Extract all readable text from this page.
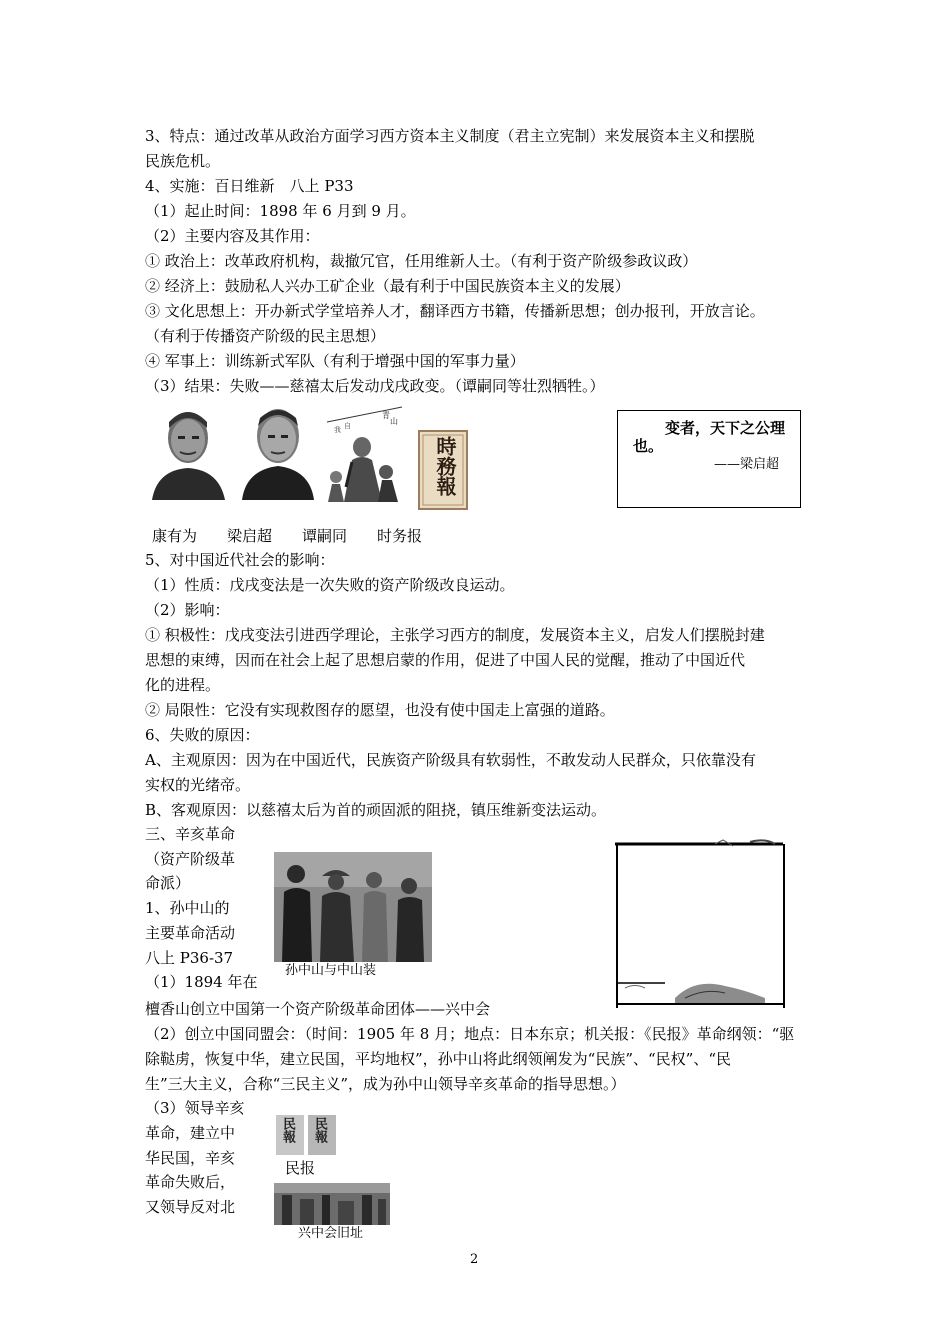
3、特点：通过改革从政治方面学习西方资本主义制度（君主立宪制）来发展资本主义和摆脱
民族危机。
4、实施：百日维新　八上 P33
（1）起止时间：1898 年 6 月到 9 月。
（2）主要内容及其作用：
① 政治上：改革政府机构，裁撤冗官，任用维新人士。（有利于资产阶级参政议政）
② 经济上：鼓励私人兴办工矿企业（最有利于中国民族资本主义的发展）
③ 文化思想上：开办新式学堂培养人才，翻译西方书籍，传播新思想；创办报刊，开放言论。
（有利于传播资产阶级的民主思想）
④ 军事上：训练新式军队（有利于增强中国的军事力量）
（3）结果：失败——慈禧太后发动戊戌政变。（谭嗣同等壮烈牺牲。）
青
山
我 自
時務報
变者，天下之公理
也。
——梁启超
康有为　　梁启超　　谭嗣同　　时务报
5、对中国近代社会的影响：
（1）性质：戊戌变法是一次失败的资产阶级改良运动。
（2）影响：
① 积极性：戊戌变法引进西学理论，主张学习西方的制度，发展资本主义，启发人们摆脱封建
思想的束缚，因而在社会上起了思想启蒙的作用，促进了中国人民的觉醒，推动了中国近代
化的进程。
② 局限性：它没有实现救图存的愿望，也没有使中国走上富强的道路。
6、失败的原因：
A、主观原因：因为在中国近代，民族资产阶级具有软弱性，不敢发动人民群众，只依靠没有
实权的光绪帝。
B、客观原因：以慈禧太后为首的顽固派的阻挠，镇压维新变法运动。
三、辛亥革命
（资产阶级革
命派）
1、孙中山的
主要革命活动
八上 P36-37
（1）1894 年在
孙中山与中山装
檀香山创立中国第一个资产阶级革命团体——兴中会
（2）创立中国同盟会：（时间：1905 年 8 月；地点：日本东京；机关报：《民报》革命纲领：“驱
除鞑虏，恢复中华，建立民国，平均地权”，孙中山将此纲领阐发为“民族”、“民权”、“民
生”三大主义，合称“三民主义”，成为孙中山领导辛亥革命的指导思想。）
（3）领导辛亥
革命，建立中
华民国，辛亥
革命失败后，
又领导反对北
民報 民報
民报
兴中会旧址
2
